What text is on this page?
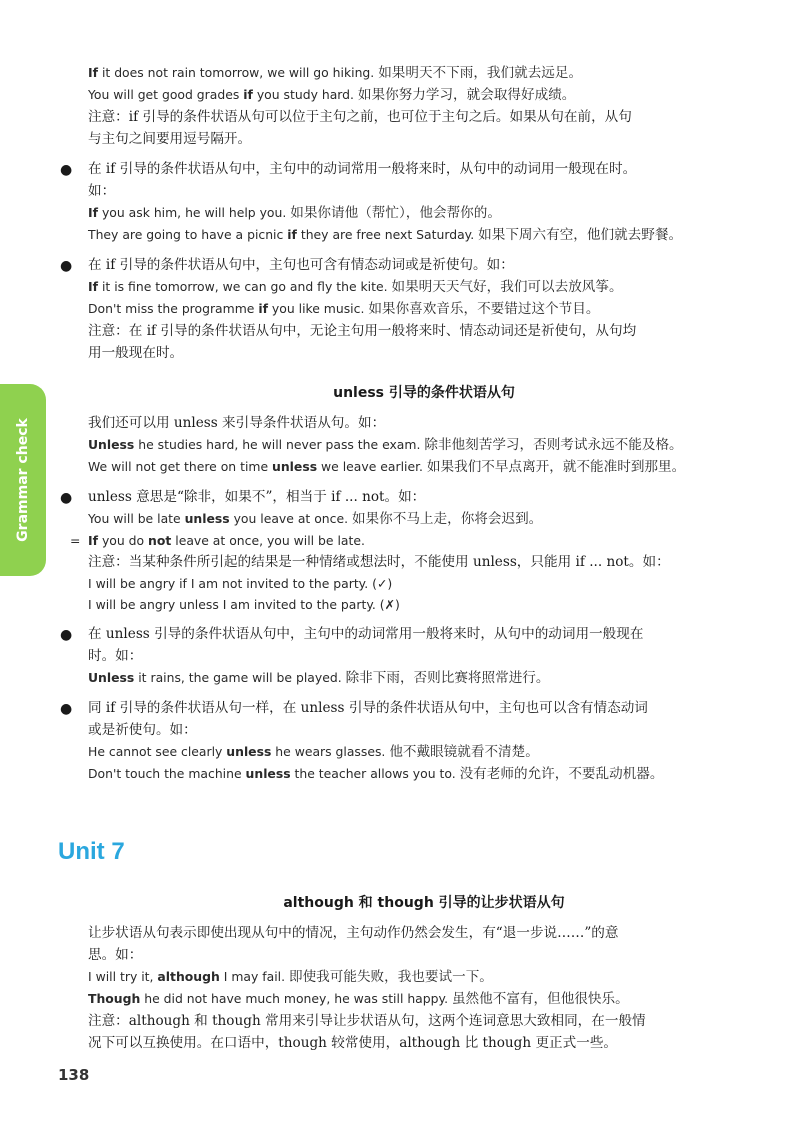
Grammar check
If it does not rain tomorrow, we will go hiking. 如果明天不下雨，我们就去远足。
You will get good grades if you study hard. 如果你努力学习，就会取得好成绩。
注意：if 引导的条件状语从句可以位于主句之前，也可位于主句之后。如果从句在前，从句
与主句之间要用逗号隔开。
● 在 if 引导的条件状语从句中，主句中的动词常用一般将来时，从句中的动词用一般现在时。
如：
If you ask him, he will help you. 如果你请他（帮忙），他会帮你的。
They are going to have a picnic if they are free next Saturday. 如果下周六有空，他们就去野餐。
● 在 if 引导的条件状语从句中，主句也可含有情态动词或是祈使句。如：
If it is fine tomorrow, we can go and fly the kite. 如果明天天气好，我们可以去放风筝。
Don't miss the programme if you like music. 如果你喜欢音乐，不要错过这个节目。
注意：在 if 引导的条件状语从句中，无论主句用一般将来时、情态动词还是祈使句，从句均
用一般现在时。
unless 引导的条件状语从句
我们还可以用 unless 来引导条件状语从句。如：
Unless he studies hard, he will never pass the exam. 除非他刻苦学习，否则考试永远不能及格。
We will not get there on time unless we leave earlier. 如果我们不早点离开，就不能准时到那里。
● unless 意思是“除非，如果不”，相当于 if ... not。如：
You will be late unless you leave at once. 如果你不马上走，你将会迟到。
= If you do not leave at once, you will be late.
注意：当某种条件所引起的结果是一种情绪或想法时，不能使用 unless，只能用 if ... not。如：
I will be angry if I am not invited to the party. (✓)
I will be angry unless I am invited to the party. (✗)
● 在 unless 引导的条件状语从句中，主句中的动词常用一般将来时，从句中的动词用一般现在
时。如：
Unless it rains, the game will be played. 除非下雨，否则比赛将照常进行。
● 同 if 引导的条件状语从句一样，在 unless 引导的条件状语从句中，主句也可以含有情态动词
或是祈使句。如：
He cannot see clearly unless he wears glasses. 他不戴眼镜就看不清楚。
Don't touch the machine unless the teacher allows you to. 没有老师的允许，不要乱动机器。
Unit 7
although 和 though 引导的让步状语从句
让步状语从句表示即使出现从句中的情况，主句动作仍然会发生，有“退一步说……”的意
思。如：
I will try it, although I may fail. 即使我可能失败，我也要试一下。
Though he did not have much money, he was still happy. 虽然他不富有，但他很快乐。
注意：although 和 though 常用来引导让步状语从句，这两个连词意思大致相同，在一般情
况下可以互换使用。在口语中，though 较常使用，although 比 though 更正式一些。
138
